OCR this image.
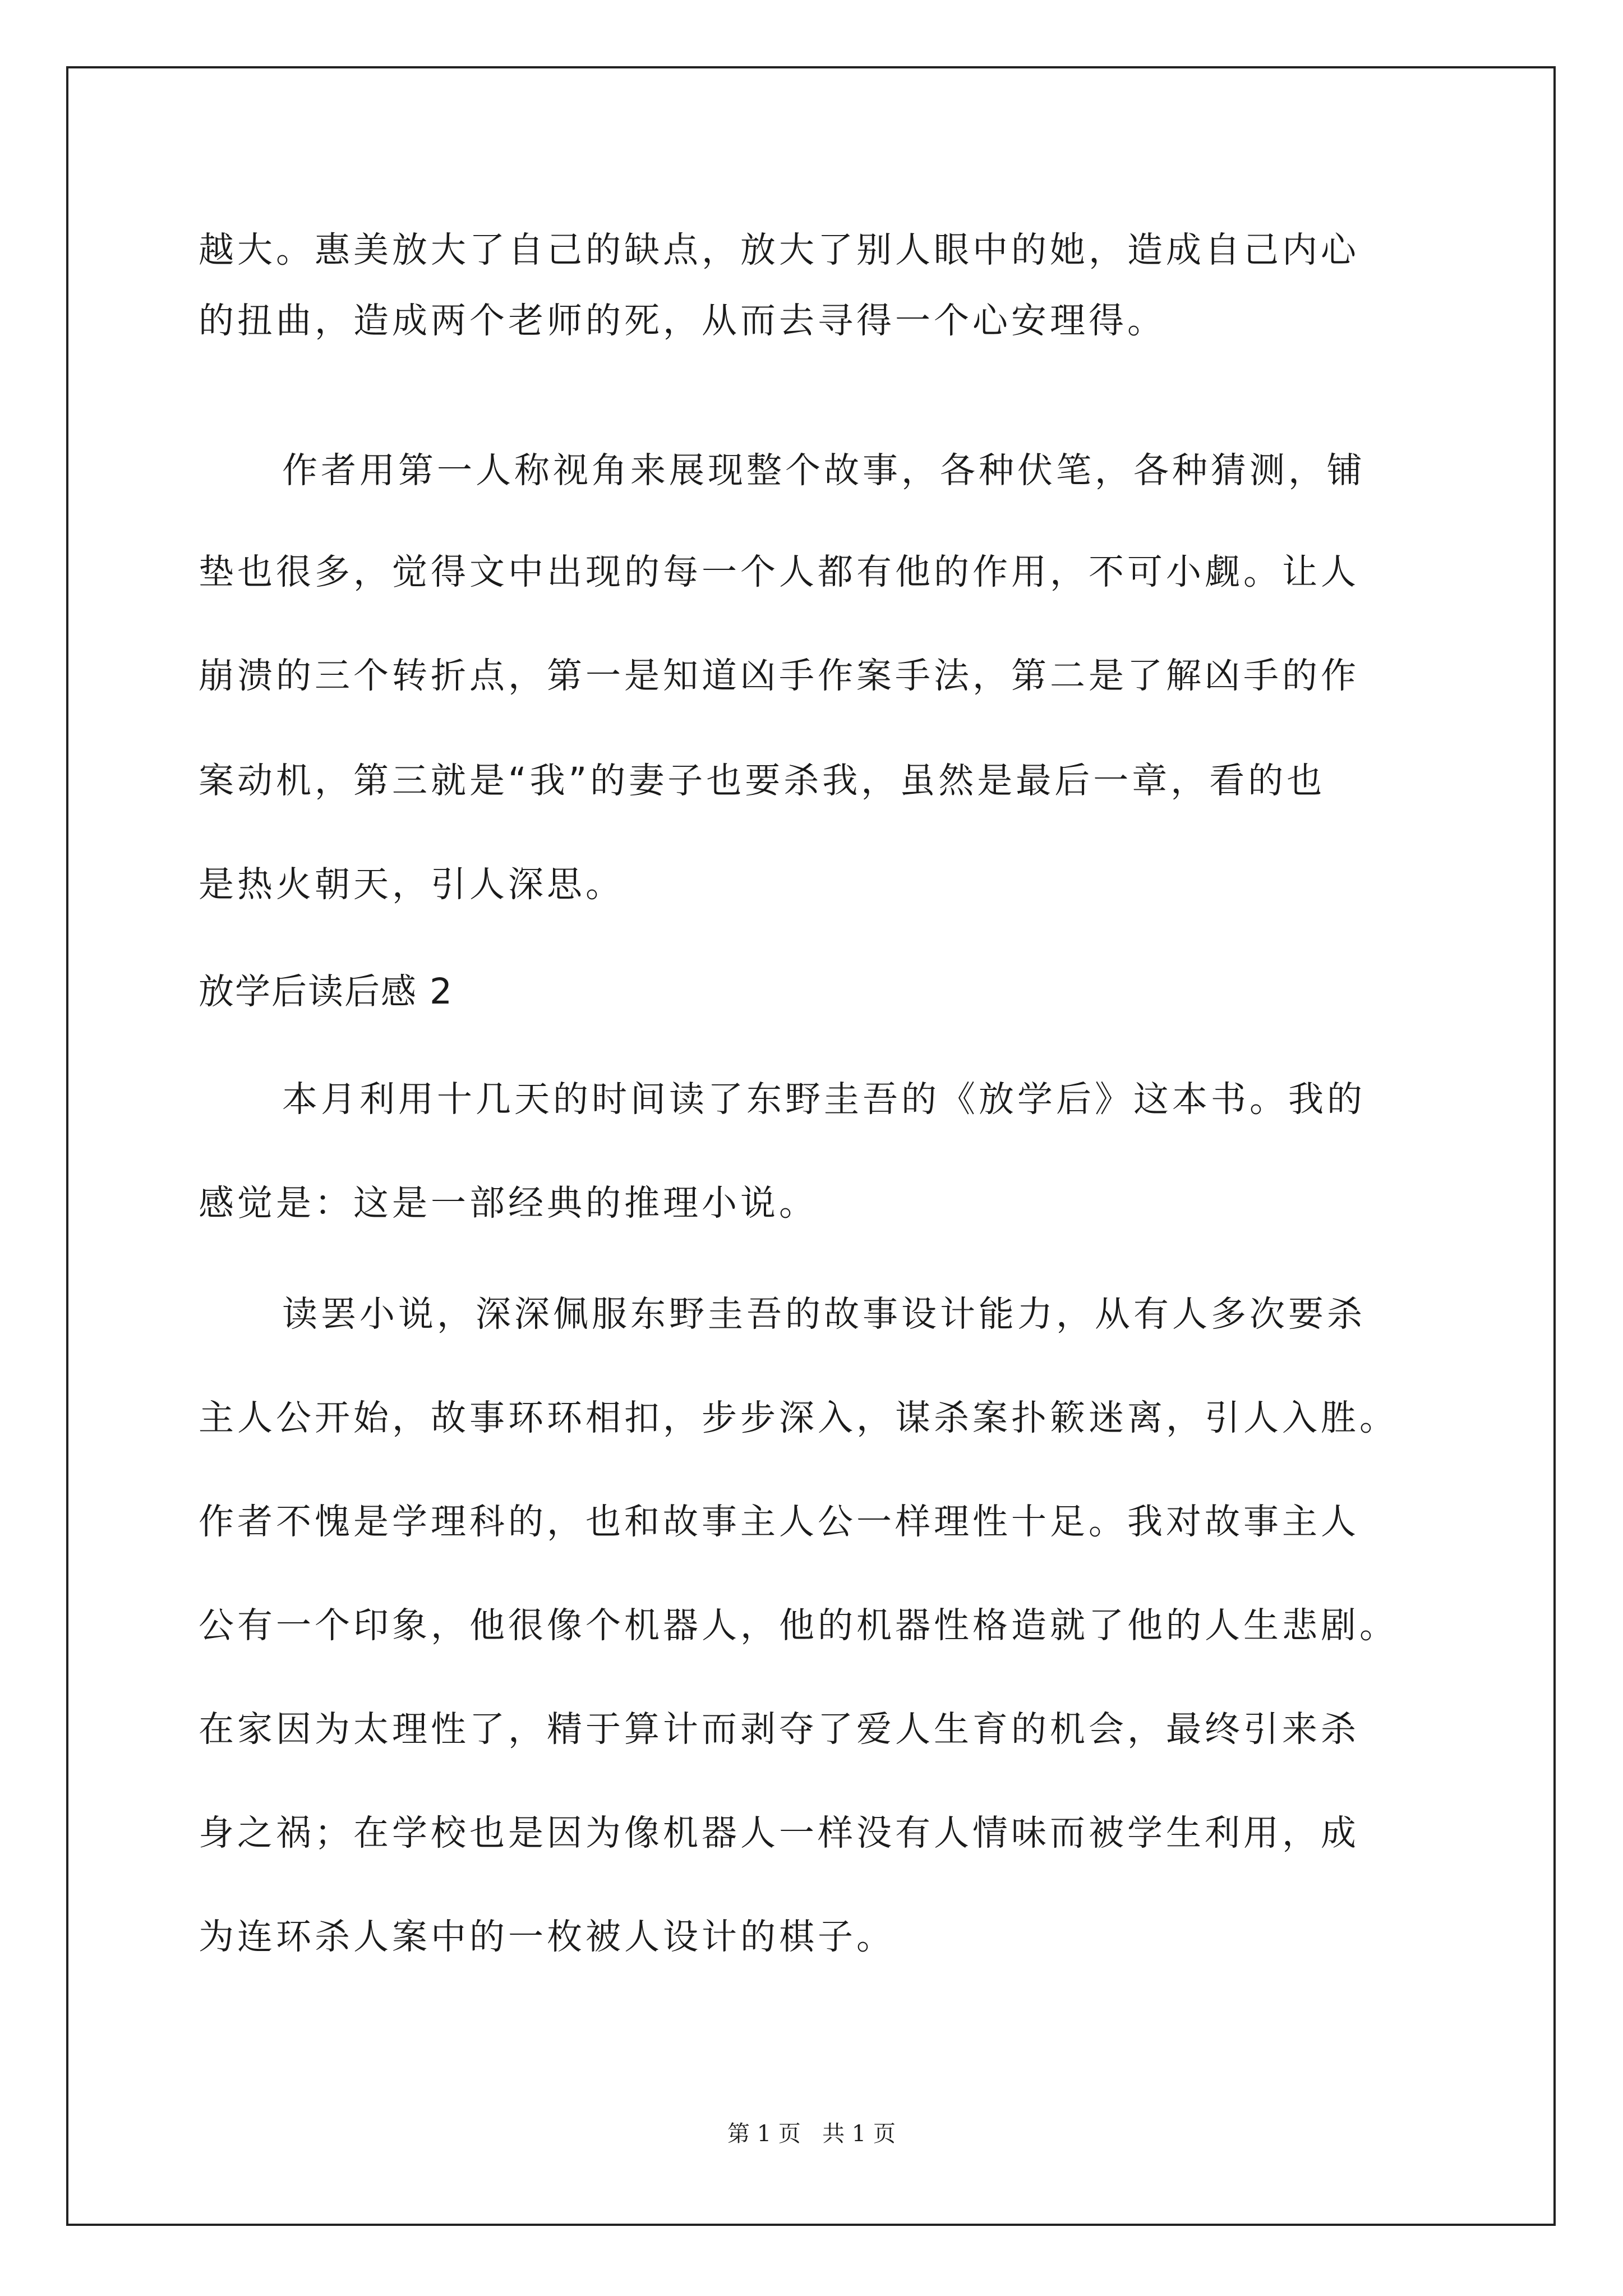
越大。惠美放大了自己的缺点，放大了别人眼中的她，造成自己内心
的扭曲，造成两个老师的死，从而去寻得一个心安理得。
作者用第一人称视角来展现整个故事，各种伏笔，各种猜测，铺
垫也很多，觉得文中出现的每一个人都有他的作用，不可小觑。让人
崩溃的三个转折点，第一是知道凶手作案手法，第二是了解凶手的作
案动机，第三就是“我”的妻子也要杀我，虽然是最后一章，看的也
是热火朝天，引人深思。
放学后读后感 2
本月利用十几天的时间读了东野圭吾的《放学后》这本书。我的
感觉是：这是一部经典的推理小说。
读罢小说，深深佩服东野圭吾的故事设计能力，从有人多次要杀
主人公开始，故事环环相扣，步步深入，谋杀案扑簌迷离，引人入胜。
作者不愧是学理科的，也和故事主人公一样理性十足。我对故事主人
公有一个印象，他很像个机器人，他的机器性格造就了他的人生悲剧。
在家因为太理性了，精于算计而剥夺了爱人生育的机会，最终引来杀
身之祸；在学校也是因为像机器人一样没有人情味而被学生利用，成
为连环杀人案中的一枚被人设计的棋子。
第 1 页   共 1 页
